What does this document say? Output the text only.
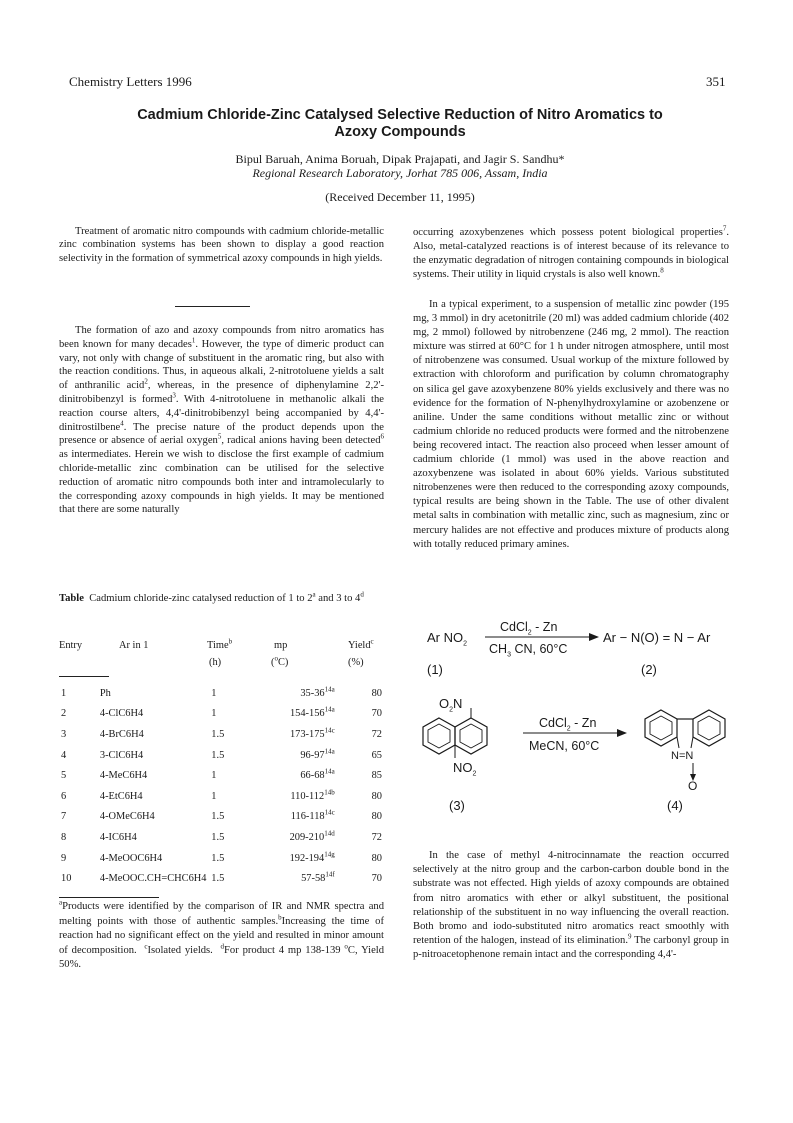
Chemistry Letters 1996	351
Cadmium Chloride-Zinc Catalysed Selective Reduction of Nitro Aromatics to
Azoxy Compounds
Bipul Baruah, Anima Boruah, Dipak Prajapati, and Jagir S. Sandhu*
Regional Research Laboratory, Jorhat 785 006, Assam, India
(Received December 11, 1995)
Treatment of aromatic nitro compounds with cadmium chloride-metallic zinc combination systems has been shown to display a good reaction selectivity in the formation of symmetrical azoxy compounds in high yields.
The formation of azo and azoxy compounds from nitro aromatics has been known for many decades$^1$. However, the type of dimeric product can vary, not only with change of substituent in the aromatic ring, but also with the reaction conditions. Thus, in aqueous alkali, 2-nitrotoluene yields a salt of anthranilic acid$^2$, whereas, in the presence of diphenylamine 2,2'-dinitrobibenzyl is formed$^3$. With 4-nitrotoluene in methanolic alkali the reaction course alters, 4,4'-dinitrobibenzyl being accompanied by 4,4'-dinitrostilbene$^4$. The precise nature of the product depends upon the presence or absence of aerial oxygen$^5$, radical anions having been detected$^6$ as intermediates. Herein we wish to disclose the first example of cadmium chloride-metallic zinc combination can be utilised for the selective reduction of aromatic nitro compounds both inter and intramolecularly to the corresponding azoxy compounds in high yields. It may be mentioned that there are some naturally
Table Cadmium chloride-zinc catalysed reduction of 1 to 2$^a$ and 3 to 4$^d$
Entry	Ar in 1	Time$^b$	mp	Yield$^c$
(h)	($^o$C)	(%)
1	Ph	1	$35-36^{14a}$	80
2	4-ClC6H4	1	$154-156^{14a}$	70
3	4-BrC6H4	1.5	$173-175^{14c}$	72
4	3-ClC6H4	1.5	$96-97^{14a}$	65
5	4-MeC6H4	1	$66-68^{14a}$	85
6	4-EtC6H4	1	$110-112^{14b}$	80
7	4-OMeC6H4	1.5	$116-118^{14c}$	80
8	4-IC6H4	1.5	$209-210^{14d}$	72
9	4-MeOOC6H4	1.5	$192-194^{14g}$	80
10	4-MeOOC.CH=CHC6H4	1.5	$57-58^{14f}$	70
$^a$Products were identified by the comparison of IR and NMR spectra and melting points with those of authentic samples.$^b$Increasing the time of reaction had no significant effect on the yield and resulted in minor amount of decomposition. $^c$Isolated yields. $^d$For product 4 mp 138-139 $^o$C, Yield 50%.
occurring azoxybenzenes which possess potent biological properties$^7$. Also, metal-catalyzed reactions is of interest because of its relevance to the enzymatic degradation of nitrogen containing compounds in biological systems. Their utility in liquid crystals is also well known.$^8$
In a typical experiment, to a suspension of metallic zinc powder (195 mg, 3 mmol) in dry acetonitrile (20 ml) was added cadmium chloride (402 mg, 2 mmol) followed by nitrobenzene (246 mg, 2 mmol). The reaction mixture was stirred at 60°C for 1 h under nitrogen atmosphere, until most of nitrobenzene was consumed. Usual workup of the mixture followed by extraction with chloroform and purification by column chromatography on silica gel gave azoxybenzene 80% yields exclusively and there was no evidence for the formation of N-phenylhydroxylamine or azobenzene or aniline. Under the same conditions without metallic zinc or without cadmium chloride no reduced products were formed and the nitrobenzene being recovered intact. The reaction also proceed when lesser amount of cadmium chloride (1 mmol) was used in the above reaction and azoxybenzene was isolated in about 60% yields. Various substituted nitrobenzenes were then reduced to the corresponding azoxy compounds, typical results are being shown in the Table. The use of other divalent metal salts in combination with metallic zinc, such as magnesium, zinc or mercury halides are not effective and produces mixture of products along with totally reduced primary amines.
Ar $NO_2$
CdCl$_2$ - Zn
$CH_3$ CN, 60°C
Ar − N(O) = N − Ar
(1)	(2)
$O_2N$
$NO_2$
(3)
CdCl$_2$ - Zn
MeCN, 60°C
N=N
O
(4)
In the case of methyl 4-nitrocinnamate the reaction occurred selectively at the nitro group and the carbon-carbon double bond in the substrate was not effected. High yields of azoxy compounds are obtained from nitro aromatics with ether or alkyl substituent, the positional relationship of the substituent in no way influencing the overall reaction. Both bromo and iodo-substituted nitro aromatics react smoothly with retention of the halogen, instead of its elimination.$^9$ The carbonyl group in p-nitroacetophenone remain intact and the corresponding 4,4'-
